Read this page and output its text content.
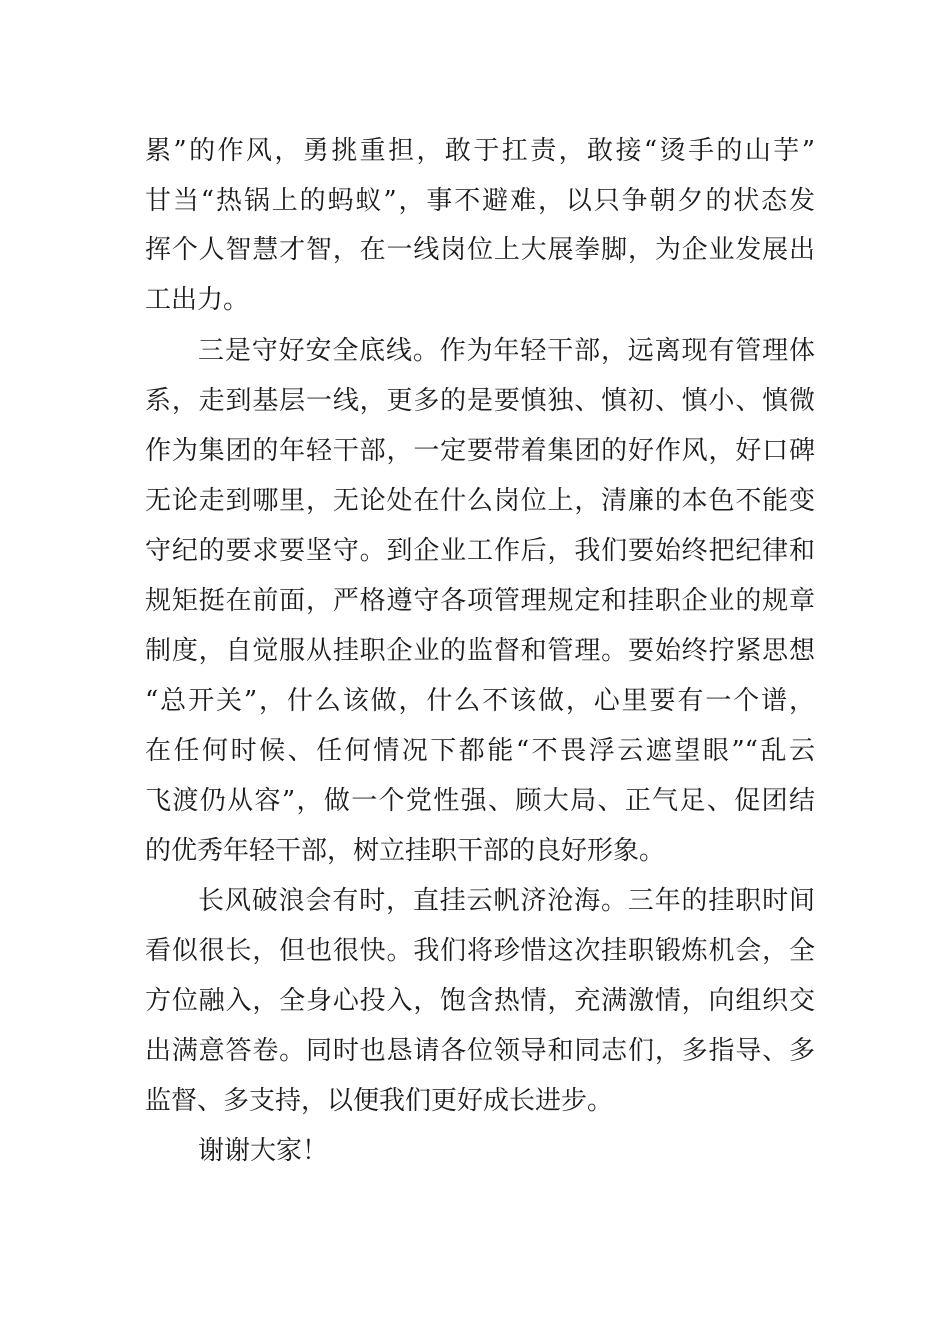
累”的作风，勇挑重担，敢于扛责，敢接“烫手的山芋”
甘当“热锅上的蚂蚁”，事不避难，以只争朝夕的状态发
挥个人智慧才智，在一线岗位上大展拳脚，为企业发展出
工出力。
三是守好安全底线。作为年轻干部，远离现有管理体
系，走到基层一线，更多的是要慎独、慎初、慎小、慎微
作为集团的年轻干部，一定要带着集团的好作风，好口碑
无论走到哪里，无论处在什么岗位上，清廉的本色不能变
守纪的要求要坚守。到企业工作后，我们要始终把纪律和
规矩挺在前面，严格遵守各项管理规定和挂职企业的规章
制度，自觉服从挂职企业的监督和管理。要始终拧紧思想
“总开关”，什么该做，什么不该做，心里要有一个谱，
在任何时候、任何情况下都能“不畏浮云遮望眼”“乱云
飞渡仍从容”，做一个党性强、顾大局、正气足、促团结
的优秀年轻干部，树立挂职干部的良好形象。
长风破浪会有时，直挂云帆济沧海。三年的挂职时间
看似很长，但也很快。我们将珍惜这次挂职锻炼机会，全
方位融入，全身心投入，饱含热情，充满激情，向组织交
出满意答卷。同时也恳请各位领导和同志们，多指导、多
监督、多支持，以便我们更好成长进步。
谢谢大家！
